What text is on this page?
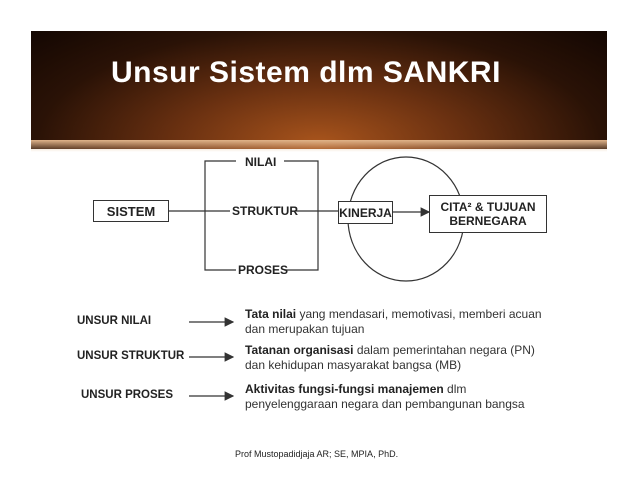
Unsur Sistem dlm SANKRI
SISTEM
NILAI
STRUKTUR
PROSES
KINERJA	CITA² & TUJUAN
BERNEGARA
UNSUR NILAI
UNSUR STRUKTUR
UNSUR PROSES
Tata nilai yang mendasari, memotivasi, memberi acuan
dan merupakan tujuan
Tatanan organisasi dalam pemerintahan negara (PN)
dan kehidupan masyarakat bangsa (MB)
Aktivitas fungsi-fungsi manajemen dlm
penyelenggaraan negara dan pembangunan bangsa
Prof Mustopadidjaja AR; SE, MPIA, PhD.
